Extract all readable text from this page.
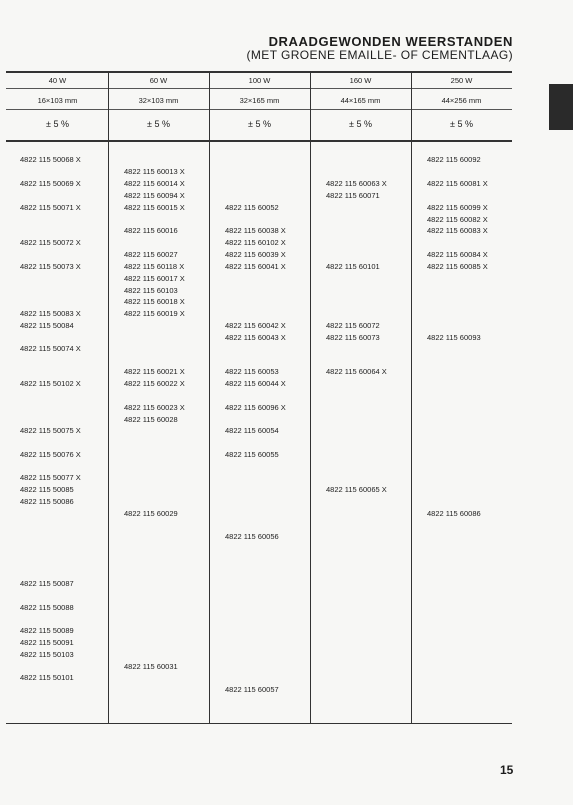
DRAADGEWONDEN WEERSTANDEN
(MET GROENE EMAILLE- OF CEMENTLAAG)
40 W
16×103 mm
± 5 %
60 W
32×103 mm
± 5 %
100 W
32×165 mm
± 5 %
160 W
44×165 mm
± 5 %
250 W
44×256 mm
± 5 %
4822 115 50068 X
4822 115 50069 X
4822 115 50071 X
4822 115 50072 X
4822 115 50073 X
4822 115 50083 X
4822 115 50084
4822 115 50074 X
4822 115 50102 X
4822 115 50075 X
4822 115 50076 X
4822 115 50077 X
4822 115 50085
4822 115 50086
4822 115 50087
4822 115 50088
4822 115 50089
4822 115 50091
4822 115 50103
4822 115 50101
4822 115 60013 X
4822 115 60014 X
4822 115 60094 X
4822 115 60015 X
4822 115 60016
4822 115 60027
4822 115 60118 X
4822 115 60017 X
4822 115 60103
4822 115 60018 X
4822 115 60019 X
4822 115 60021 X
4822 115 60022 X
4822 115 60023 X
4822 115 60028
4822 115 60029
4822 115 60031
4822 115 60052
4822 115 60038 X
4822 115 60102 X
4822 115 60039 X
4822 115 60041 X
4822 115 60042 X
4822 115 60043 X
4822 115 60053
4822 115 60044 X
4822 115 60096 X
4822 115 60054
4822 115 60055
4822 115 60056
4822 115 60057
4822 115 60063 X
4822 115 60071
4822 115 60101
4822 115 60072
4822 115 60073
4822 115 60064 X
4822 115 60065 X
4822 115 60092
4822 115 60081 X
4822 115 60099 X
4822 115 60082 X
4822 115 60083 X
4822 115 60084 X
4822 115 60085 X
4822 115 60093
4822 115 60086
15
